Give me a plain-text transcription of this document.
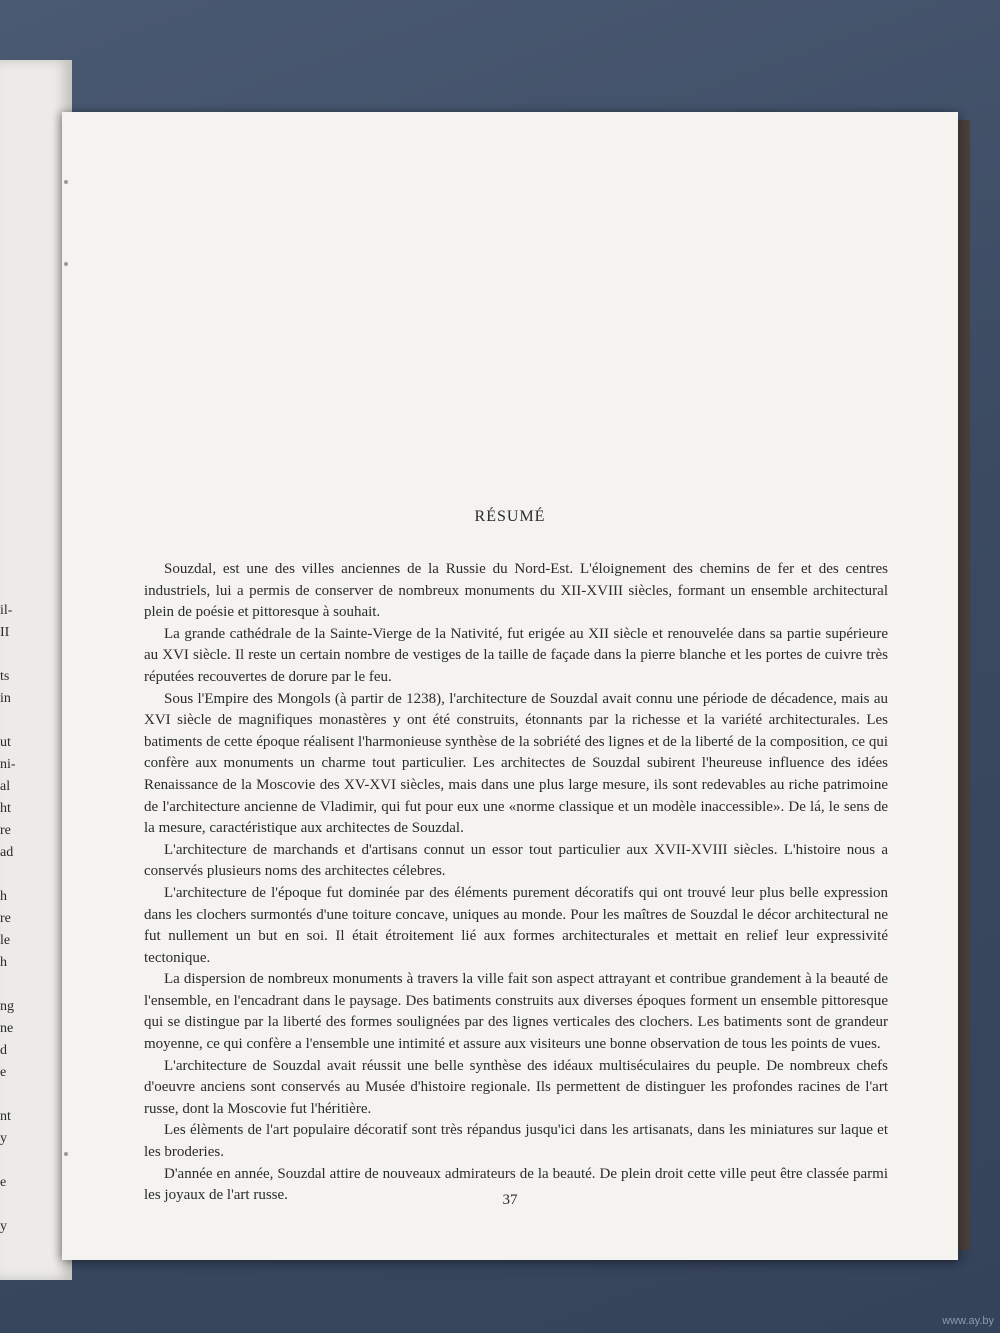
il-
II
ts
in
ut
ni-
al
ht
re
ad
h
re
le
h
ng
ne
d
e
nt
y
e
y
RÉSUMÉ

Souzdal, est une des villes anciennes de la Russie du Nord-Est. L'éloignement des chemins de fer et des centres industriels, lui a permis de conserver de nombreux monuments du XII-XVIII siècles, formant un ensemble architectural plein de poésie et pittoresque à souhait.

La grande cathédrale de la Sainte-Vierge de la Nativité, fut erigée au XII siècle et renouvelée dans sa partie supérieure au XVI siècle. Il reste un certain nombre de vestiges de la taille de façade dans la pierre blanche et les portes de cuivre très réputées recouvertes de dorure par le feu.

Sous l'Empire des Mongols (à partir de 1238), l'architecture de Souzdal avait connu une période de décadence, mais au XVI siècle de magnifiques monastères y ont été construits, étonnants par la richesse et la variété architecturales. Les batiments de cette époque réalisent l'harmonieuse synthèse de la sobriété des lignes et de la liberté de la composition, ce qui confère aux monuments un charme tout particulier. Les architectes de Souzdal subirent l'heureuse influence des idées Renaissance de la Moscovie des XV-XVI siècles, mais dans une plus large mesure, ils sont redevables au riche patrimoine de l'architecture ancienne de Vladimir, qui fut pour eux une «norme classique et un modèle inaccessible». De lá, le sens de la mesure, caractéristique aux architectes de Souzdal.

L'architecture de marchands et d'artisans connut un essor tout particulier aux XVII-XVIII siècles. L'histoire nous a conservés plusieurs noms des architectes célebres.

L'architecture de l'époque fut dominée par des éléments purement décoratifs qui ont trouvé leur plus belle expression dans les clochers surmontés d'une toiture concave, uniques au monde. Pour les maîtres de Souzdal le décor architectural ne fut nullement un but en soi. Il était étroitement lié aux formes architecturales et mettait en relief leur expressivité tectonique.

La dispersion de nombreux monuments à travers la ville fait son aspect attrayant et contribue grandement à la beauté de l'ensemble, en l'encadrant dans le paysage. Des batiments construits aux diverses époques forment un ensemble pittoresque qui se distingue par la liberté des formes soulignées par des lignes verticales des clochers. Les batiments sont de grandeur moyenne, ce qui confère a l'ensemble une intimité et assure aux visiteurs une bonne observation de tous les points de vues.

L'architecture de Souzdal avait réussit une belle synthèse des idéaux multiséculaires du peuple. De nombreux chefs d'oeuvre anciens sont conservés au Musée d'histoire regionale. Ils permettent de distinguer les profondes racines de l'art russe, dont la Moscovie fut l'héritière.

Les élèments de l'art populaire décoratif sont très répandus jusqu'ici dans les artisanats, dans les miniatures sur laque et les broderies.

D'année en année, Souzdal attire de nouveaux admirateurs de la beauté. De plein droit cette ville peut être classée parmi les joyaux de l'art russe.	37
www.ay.by
